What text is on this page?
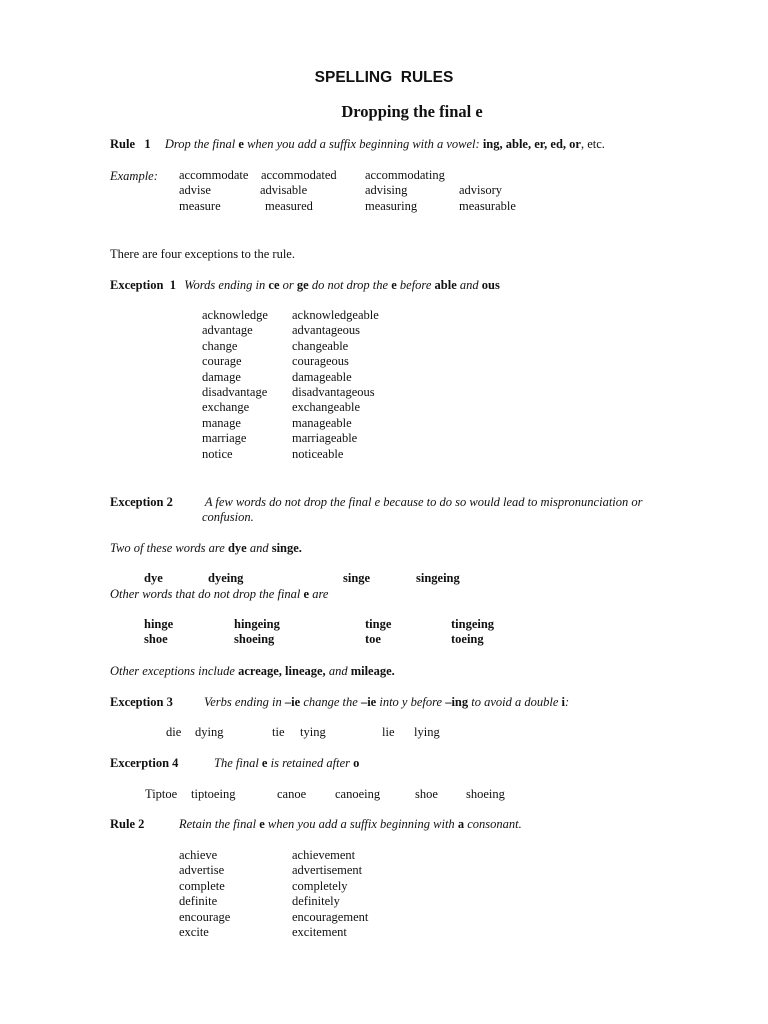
SPELLING  RULES
Dropping the final e
Rule   1 Drop the final e when you add a suffix beginning with a vowel: ing, able, er, ed, or, etc.
Example: accommodate accommodated accommodating
advise	advisable	advising	advisory
measure	measured	measuring	measurable
There are four exceptions to the rule.
Exception  1 Words ending in ce or ge do not drop the e before able and ous
acknowledge acknowledgeable
advantage	advantageous
change	changeable
courage	courageous
damage	damageable
disadvantage disadvantageous
exchange	exchangeable
manage	manageable
marriage	marriageable
notice	noticeable
Exception 2 A few words do not drop the final e because to do so would lead to mispronunciation or
confusion.
Two of these words are dye and singe.
dye	dyeing	singe	singeing
Other words that do not drop the final e are
hinge	hingeing	tinge	tingeing
shoe	shoeing	toe	toeing
Other exceptions include acreage, lineage, and mileage.
Exception 3 Verbs ending in –ie change the –ie into y before –ing to avoid a double i:
die dying	tie tying	lie lying
Excerption 4	The final e is retained after o
Tiptoe tiptoeing	canoe canoeing	shoe shoeing
Rule 2	Retain the final e when you add a suffix beginning with a consonant.
achieve	achievement
advertise	advertisement
complete	completely
definite	definitely
encourage	encouragement
excite	excitement
